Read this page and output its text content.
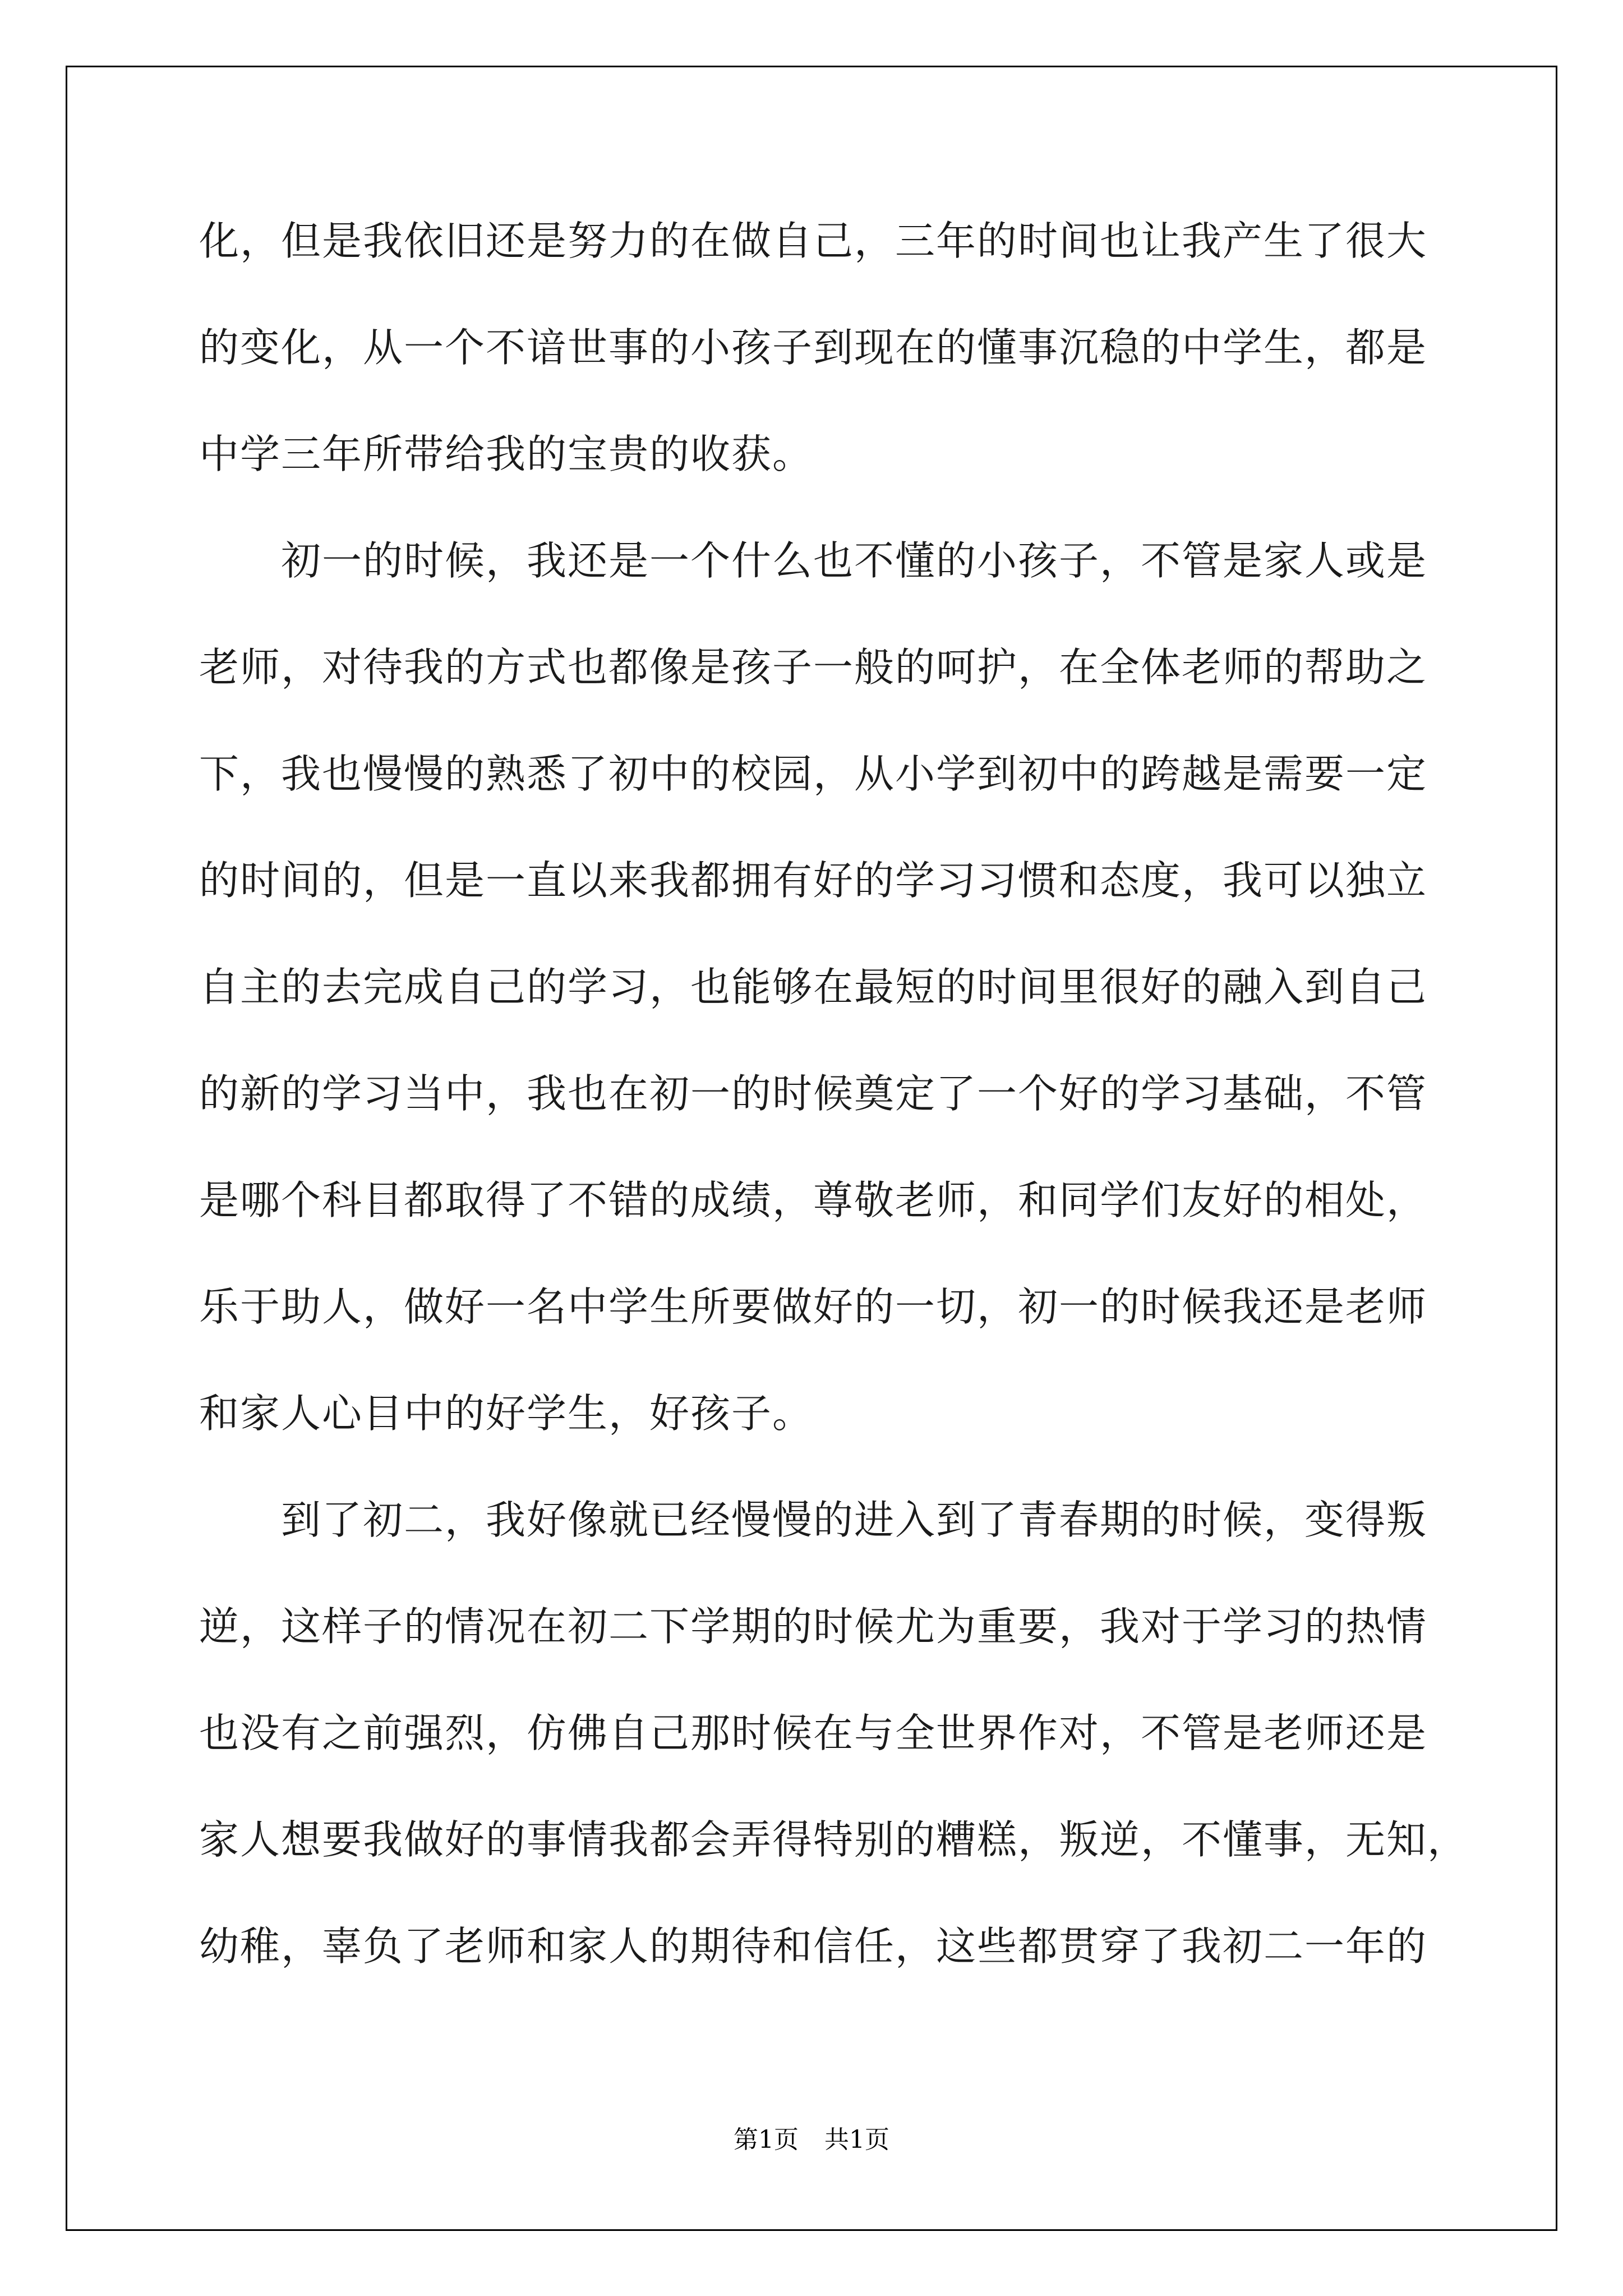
化，但是我依旧还是努力的在做自己，三年的时间也让我产生了很大
的变化，从一个不谙世事的小孩子到现在的懂事沉稳的中学生，都是
中学三年所带给我的宝贵的收获。
　　初一的时候，我还是一个什么也不懂的小孩子，不管是家人或是
老师，对待我的方式也都像是孩子一般的呵护，在全体老师的帮助之
下，我也慢慢的熟悉了初中的校园，从小学到初中的跨越是需要一定
的时间的，但是一直以来我都拥有好的学习习惯和态度，我可以独立
自主的去完成自己的学习，也能够在最短的时间里很好的融入到自己
的新的学习当中，我也在初一的时候奠定了一个好的学习基础，不管
是哪个科目都取得了不错的成绩，尊敬老师，和同学们友好的相处，
乐于助人，做好一名中学生所要做好的一切，初一的时候我还是老师
和家人心目中的好学生，好孩子。
　　到了初二，我好像就已经慢慢的进入到了青春期的时候，变得叛
逆，这样子的情况在初二下学期的时候尤为重要，我对于学习的热情
也没有之前强烈，仿佛自己那时候在与全世界作对，不管是老师还是
家人想要我做好的事情我都会弄得特别的糟糕，叛逆，不懂事，无知，
幼稚，辜负了老师和家人的期待和信任，这些都贯穿了我初二一年的
第1页 共1页
